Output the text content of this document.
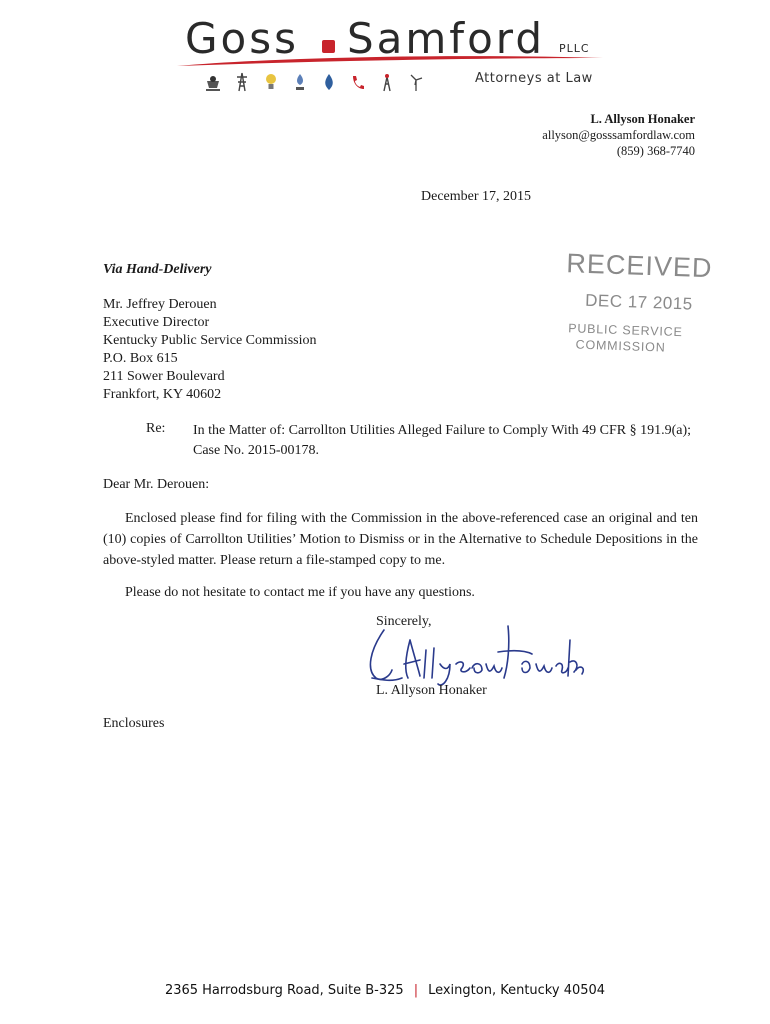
Goss Samford PLLC
Attorneys at Law
L. Allyson Honaker
allyson@gosssamfordlaw.com
(859) 368-7740
December 17, 2015
Via Hand-Delivery
Mr. Jeffrey Derouen
Executive Director
Kentucky Public Service Commission
P.O. Box 615
211 Sower Boulevard
Frankfort, KY 40602
RECEIVED
DEC 17 2015
PUBLIC SERVICE
COMMISSION
Re: In the Matter of: Carrollton Utilities Alleged Failure to Comply With 49 CFR § 191.9(a); Case No. 2015-00178.
Dear Mr. Derouen:

Enclosed please find for filing with the Commission in the above-referenced case an original and ten (10) copies of Carrollton Utilities’ Motion to Dismiss or in the Alternative to Schedule Depositions in the above-styled matter. Please return a file-stamped copy to me.

Please do not hesitate to contact me if you have any questions.

Sincerely,
L. Allyson Honaker
Enclosures
2365 Harrodsburg Road, Suite B-325 | Lexington, Kentucky 40504
